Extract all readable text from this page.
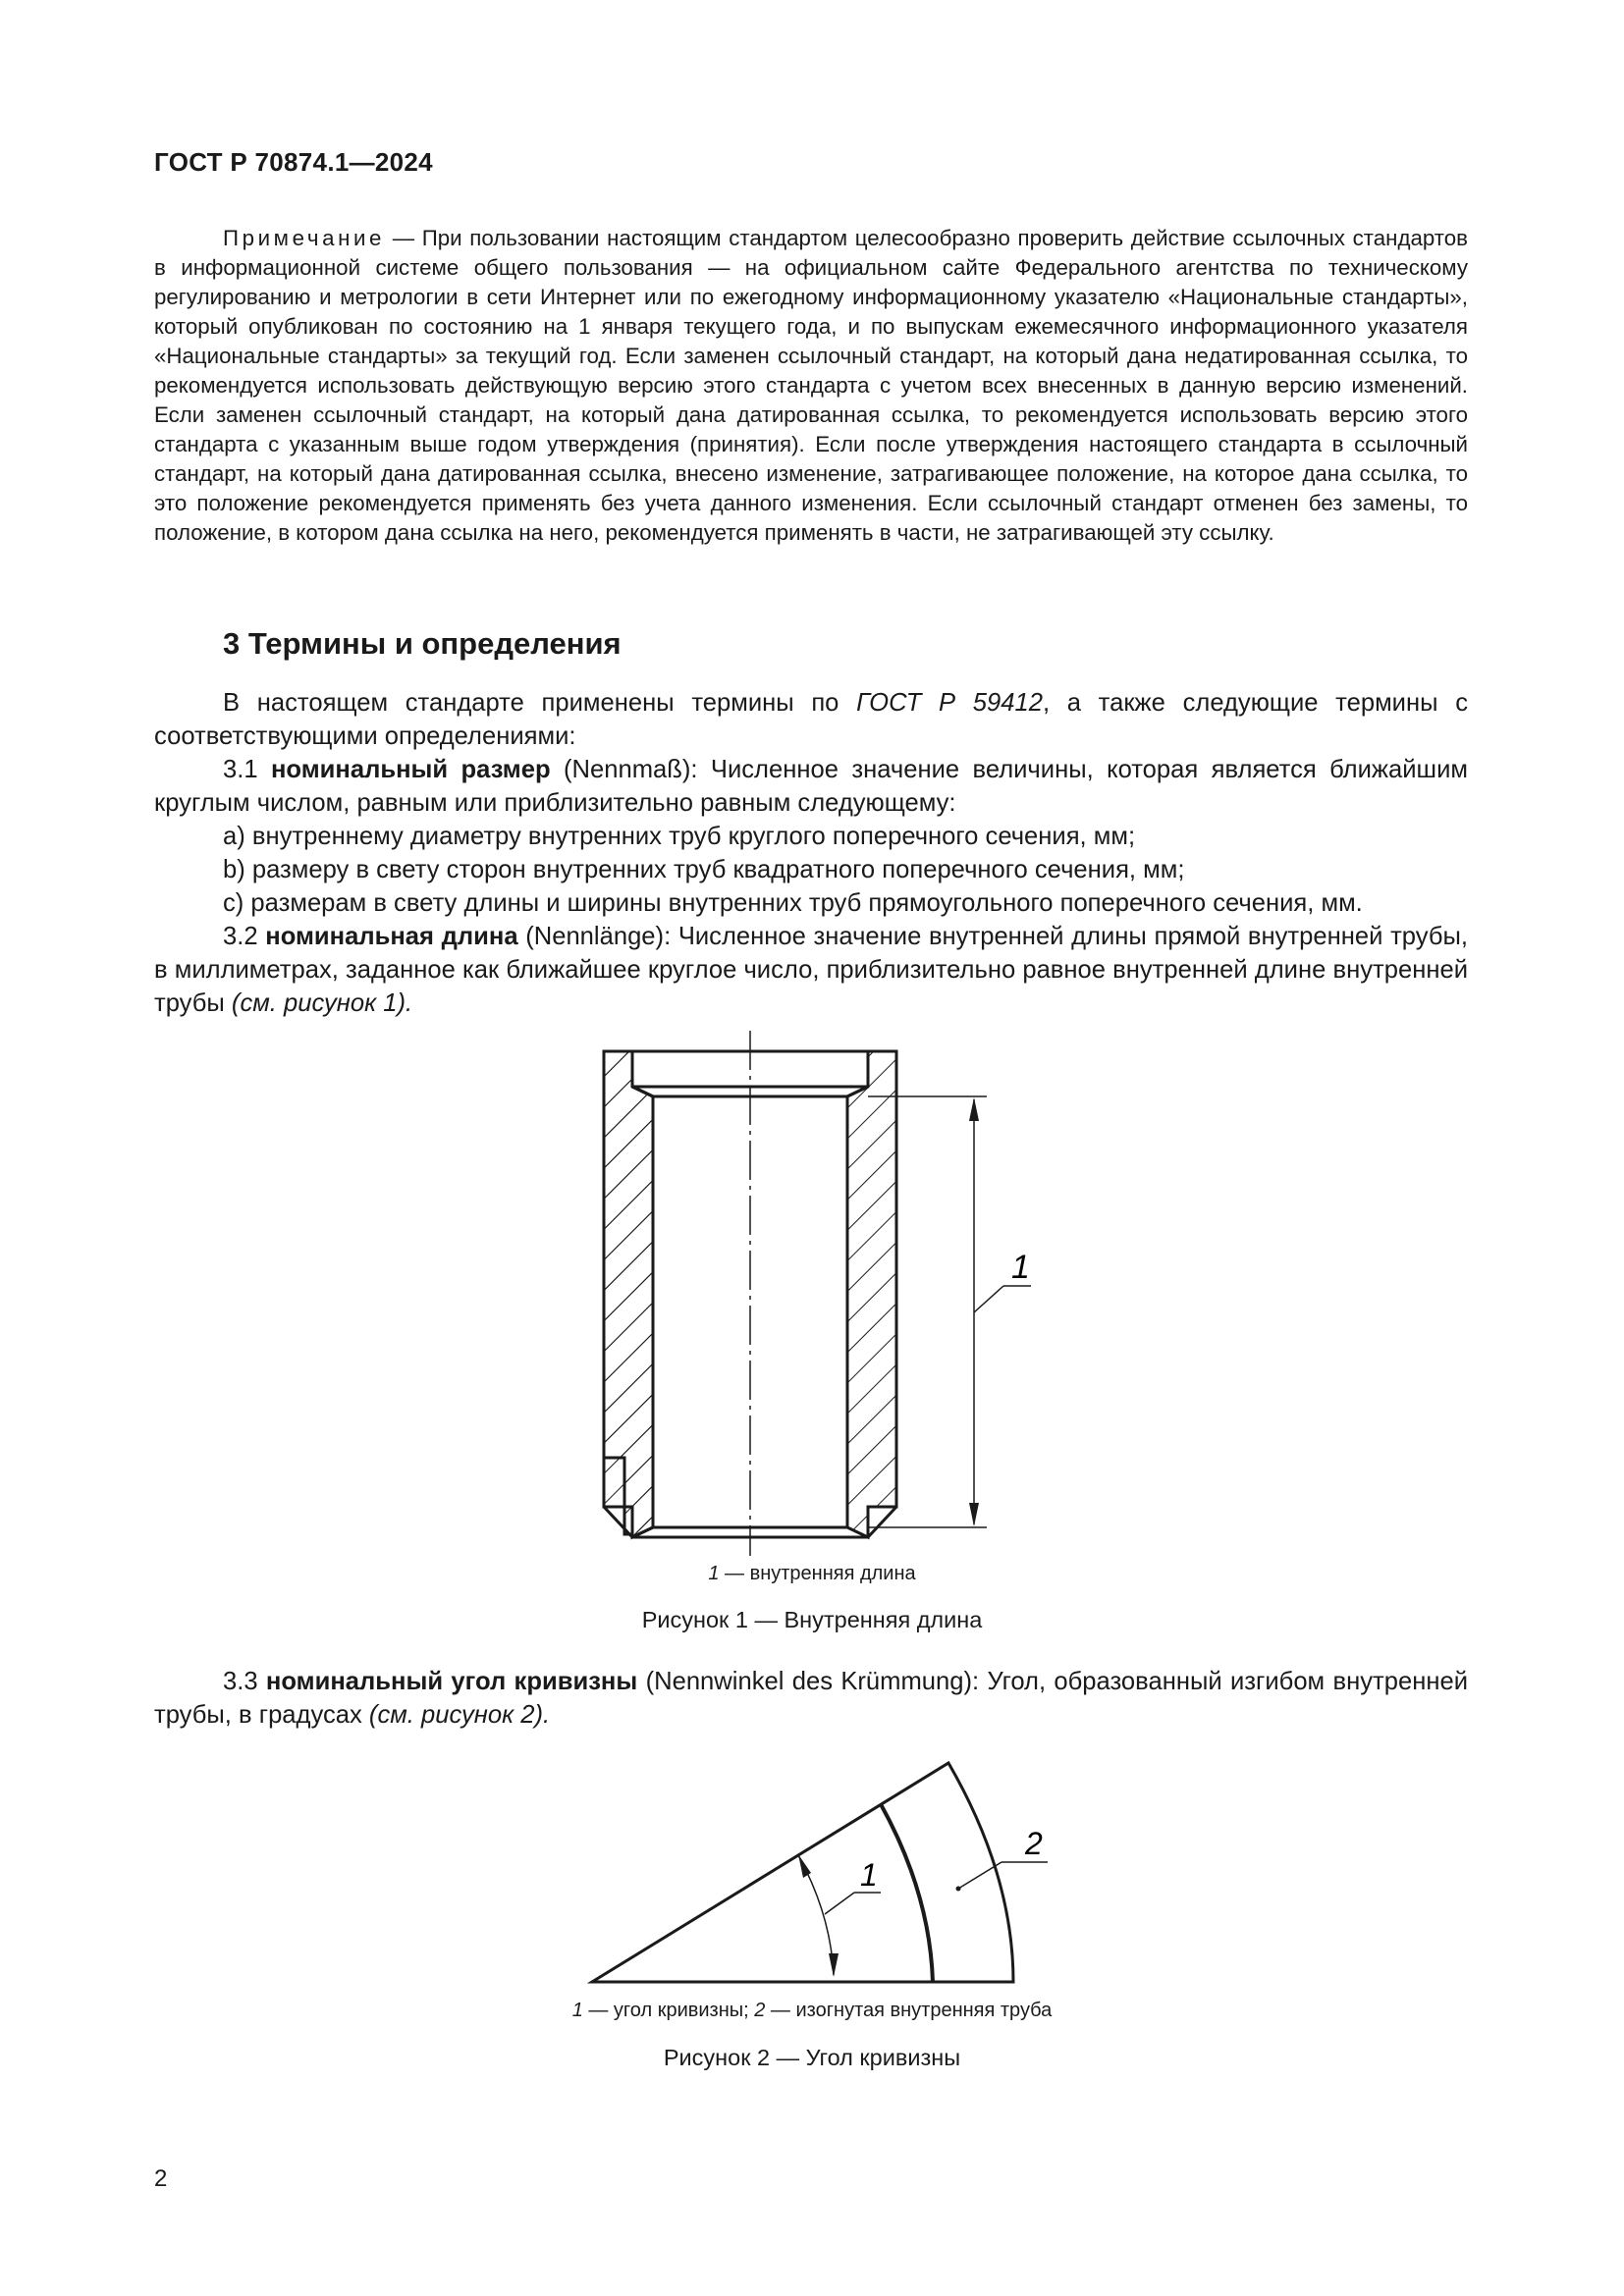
ГОСТ Р 70874.1—2024

Примечание — При пользовании настоящим стандартом целесообразно проверить действие ссылочных стандартов в информационной системе общего пользования — на официальном сайте Федерального агентства по техническому регулированию и метрологии в сети Интернет или по ежегодному информационному указателю «Национальные стандарты», который опубликован по состоянию на 1 января текущего года, и по выпускам ежемесячного информационного указателя «Национальные стандарты» за текущий год. Если заменен ссылочный стандарт, на который дана недатированная ссылка, то рекомендуется использовать действующую версию этого стандарта с учетом всех внесенных в данную версию изменений. Если заменен ссылочный стандарт, на который дана датированная ссылка, то рекомендуется использовать версию этого стандарта с указанным выше годом утверждения (принятия). Если после утверждения настоящего стандарта в ссылочный стандарт, на который дана датированная ссылка, внесено изменение, затрагивающее положение, на которое дана ссылка, то это положение рекомендуется применять без учета данного изменения. Если ссылочный стандарт отменен без замены, то положение, в котором дана ссылка на него, рекомендуется применять в части, не затрагивающей эту ссылку.

3 Термины и определения

В настоящем стандарте применены термины по ГОСТ Р 59412, а также следующие термины с соответствующими определениями:

3.1 номинальный размер (Nennmaß): Численное значение величины, которая является ближайшим круглым числом, равным или приблизительно равным следующему:

а) внутреннему диаметру внутренних труб круглого поперечного сечения, мм;

b) размеру в свету сторон внутренних труб квадратного поперечного сечения, мм;

с) размерам в свету длины и ширины внутренних труб прямоугольного поперечного сечения, мм.

3.2 номинальная длина (Nennlänge): Численное значение внутренней длины прямой внутренней трубы, в миллиметрах, заданное как ближайшее круглое число, приблизительно равное внутренней длине внутренней трубы (см. рисунок 1).

1
1 — внутренняя длина
Рисунок 1 — Внутренняя длина

3.3 номинальный угол кривизны (Nennwinkel des Krümmung): Угол, образованный изгибом внутренней трубы, в градусах (см. рисунок 2).

1
2
1 — угол кривизны; 2 — изогнутая внутренняя труба
Рисунок 2 — Угол кривизны
2
